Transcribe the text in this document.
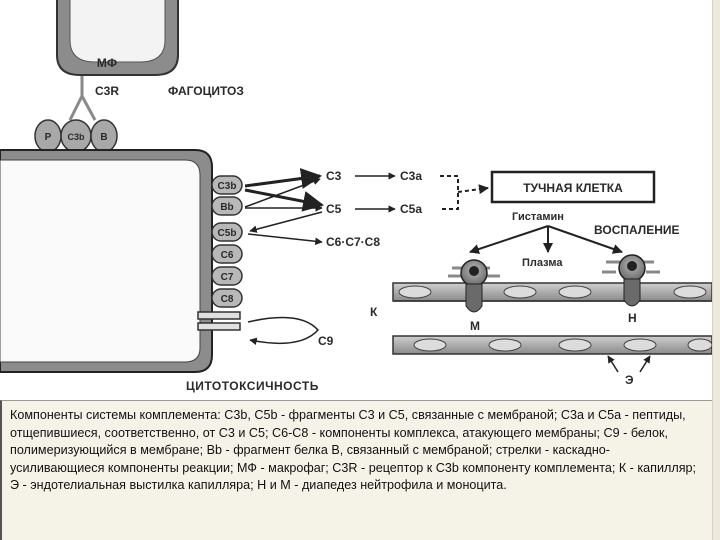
МФ
C3R	ФАГОЦИТОЗ
P C3b B
C3b
Bb
C5b
C6
C7
C8
C3
C5
C3a
C5a
C6·C7·C8
ТУЧНАЯ КЛЕТКА
Гистамин
ВОСПАЛЕНИЕ
Плазма
М
Н
К
Э
C9
ЦИТОТОКСИЧНОСТЬ

Компоненты системы комплемента: C3b, C5b - фрагменты C3 и C5, связанные с мембраной; C3a и C5a - пептиды, отщепившиеся, соответственно, от C3 и C5; C6-C8 - компоненты комплекса, атакующего мембраны; C9 - белок, полимеризующийся в мембране; Bb - фрагмент белка B, связанный с мембраной; стрелки - каскадно-усиливающиеся компоненты реакции; МФ - макрофаг; C3R - рецептор к C3b компоненту комплемента; К - капилляр; Э - эндотелиальная выстилка капилляра; Н и М - диапедез нейтрофила и моноцита.
